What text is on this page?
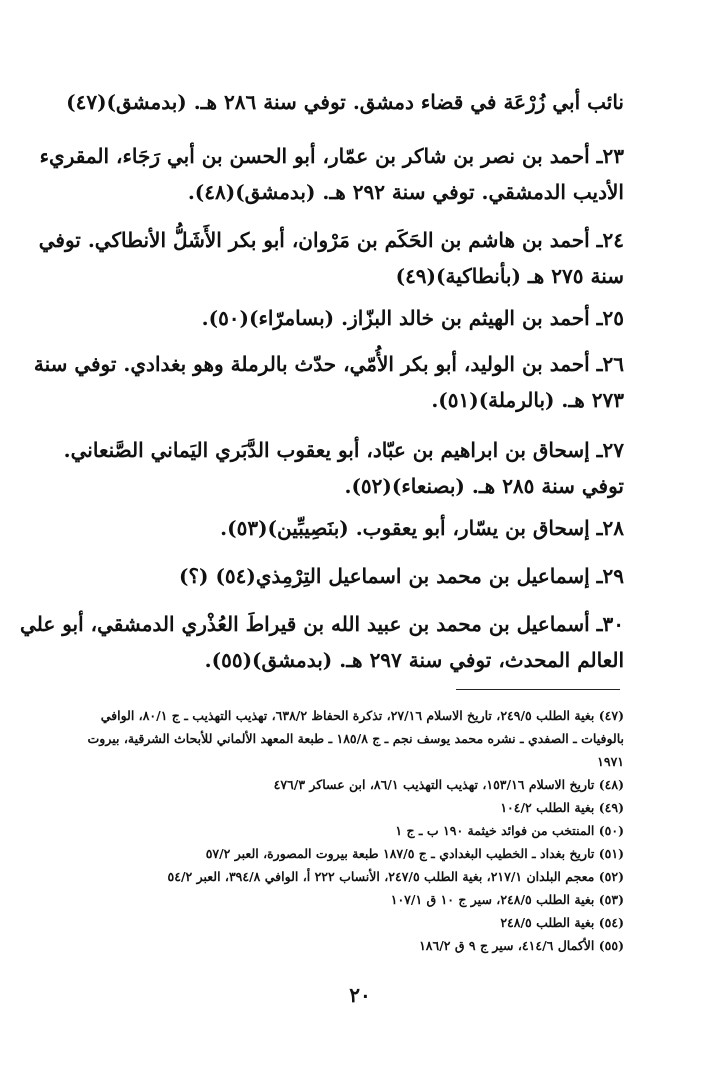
نائب أبي زُرْعَة في قضاء دمشق. توفي سنة ٢٨٦ هـ. (بدمشق)(٤٧)

٢٣ـ أحمد بن نصر بن شاكر بن عمّار، أبو الحسن بن أبي رَجَاء، المقريء
الأديب الدمشقي. توفي سنة ٢٩٢ هـ. (بدمشق)(٤٨).

٢٤ـ أحمد بن هاشم بن الحَكَم بن مَرْوان، أبو بكر الأَشَلُّ الأنطاكي. توفي
سنة ٢٧٥ هـ (بأنطاكية)(٤٩)

٢٥ـ أحمد بن الهيثم بن خالد البزّاز. (بسامرّاء)(٥٠).

٢٦ـ أحمد بن الوليد، أبو بكر الأُمّي، حدّث بالرملة وهو بغدادي. توفي سنة
٢٧٣ هـ. (بالرملة)(٥١).

٢٧ـ إسحاق بن ابراهيم بن عبّاد، أبو يعقوب الدَّبَري اليَماني الصَّنعاني.
توفي سنة ٢٨٥ هـ. (بصنعاء)(٥٢).

٢٨ـ إسحاق بن يسّار، أبو يعقوب. (بنَصِيبِّين)(٥٣).

٢٩ـ إسماعيل بن محمد بن اسماعيل التِرْمِذي(٥٤) (؟)

٣٠ـ أسماعيل بن محمد بن عبيد الله بن قيراطَ العُذْري الدمشقي، أبو علي
العالم المحدث، توفي سنة ٢٩٧ هـ. (بدمشق)(٥٥).

(٤٧) بغية الطلب ٢٤٩/٥، تاريخ الاسلام ٢٧/١٦، تذكرة الحفاظ ٦٣٨/٢، تهذيب التهذيب ـ ج ٨٠/١، الوافي
بالوفيات ـ الصفدي ـ نشره محمد يوسف نجم ـ ج ١٨٥/٨ ـ طبعة المعهد الألماني للأبحاث الشرقية، بيروت
١٩٧١
(٤٨) تاريخ الاسلام ١٥٣/١٦، تهذيب التهذيب ٨٦/١، ابن عساكر ٤٧٦/٣
(٤٩) بغية الطلب ١٠٤/٢
(٥٠) المنتخب من فوائد خيثمة ١٩٠ ب ـ ج ١
(٥١) تاريخ بغداد ـ الخطيب البغدادي ـ ج ١٨٧/٥ طبعة بيروت المصورة، العبر ٥٧/٢
(٥٢) معجم البلدان ٢١٧/١، بغية الطلب ٢٤٧/٥، الأنساب ٢٢٢ أ، الوافي ٣٩٤/٨، العبر ٥٤/٢
(٥٣) بغية الطلب ٢٤٨/٥، سير ج ١٠ ق ١٠٧/١
(٥٤) بغية الطلب ٢٤٨/٥
(٥٥) الأكمال ٤١٤/٦، سير ج ٩ ق ١٨٦/٢
٢٠
